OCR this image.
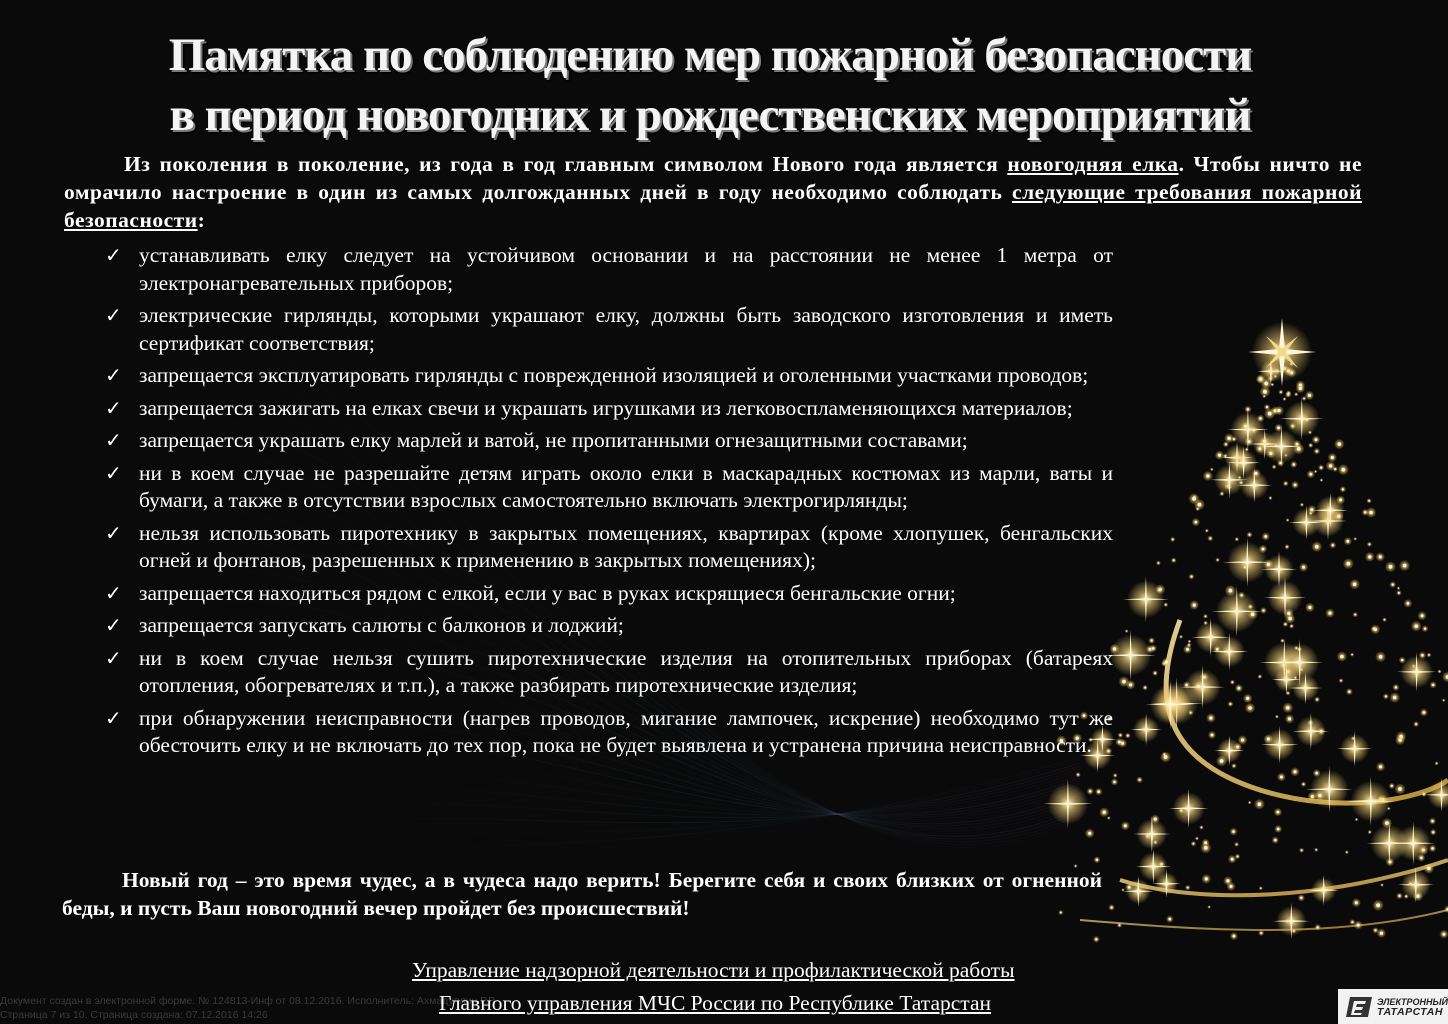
Памятка по соблюдению мер пожарной безопасности
в период новогодних и рождественских мероприятий

Из поколения в поколение, из года в год главным символом Нового года является новогодняя елка. Чтобы ничто не омрачило настроение в один из самых долгожданных дней в году необходимо соблюдать следующие требования пожарной безопасности:

✓ устанавливать елку следует на устойчивом основании и на расстоянии не менее 1 метра от электронагревательных приборов;
✓ электрические гирлянды, которыми украшают елку, должны быть заводского изготовления и иметь сертификат соответствия;
✓ запрещается эксплуатировать гирлянды с поврежденной изоляцией и оголенными участками проводов;
✓ запрещается зажигать на елках свечи и украшать игрушками из легковоспламеняющихся материалов;
✓ запрещается украшать елку марлей и ватой, не пропитанными огнезащитными составами;
✓ ни в коем случае не разрешайте детям играть около елки в маскарадных костюмах из марли, ваты и бумаги, а также в отсутствии взрослых самостоятельно включать электрогирлянды;
✓ нельзя использовать пиротехнику в закрытых помещениях, квартирах (кроме хлопушек, бенгальских огней и фонтанов, разрешенных к применению в закрытых помещениях);
✓ запрещается находиться рядом с елкой, если у вас в руках искрящиеся бенгальские огни;
✓ запрещается запускать салюты с балконов и лоджий;
✓ ни в коем случае нельзя сушить пиротехнические изделия на отопительных приборах (батареях отопления, обогревателях и т.п.), а также разбирать пиротехнические изделия;
✓ при обнаружении неисправности (нагрев проводов, мигание лампочек, искрение) необходимо тут же обесточить елку и не включать до тех пор, пока не будет выявлена и устранена причина неисправности.

Новый год – это время чудес, а в чудеса надо верить! Берегите себя и своих близких от огненной беды, и пусть Ваш новогодний вечер пройдет без происшествий!

Управление надзорной деятельности и профилактической работы
Главного управления МЧС России по Республике Татарстан
Документ создан в электронной форме. № 124813-Инф от 08.12.2016. Исполнитель: Ахмадуллин Р.Р.
Страница 7 из 10. Страница создана: 07.12.2016 14:26
ЭЛЕКТРОННЫЙ
ТАТАРСТАН
